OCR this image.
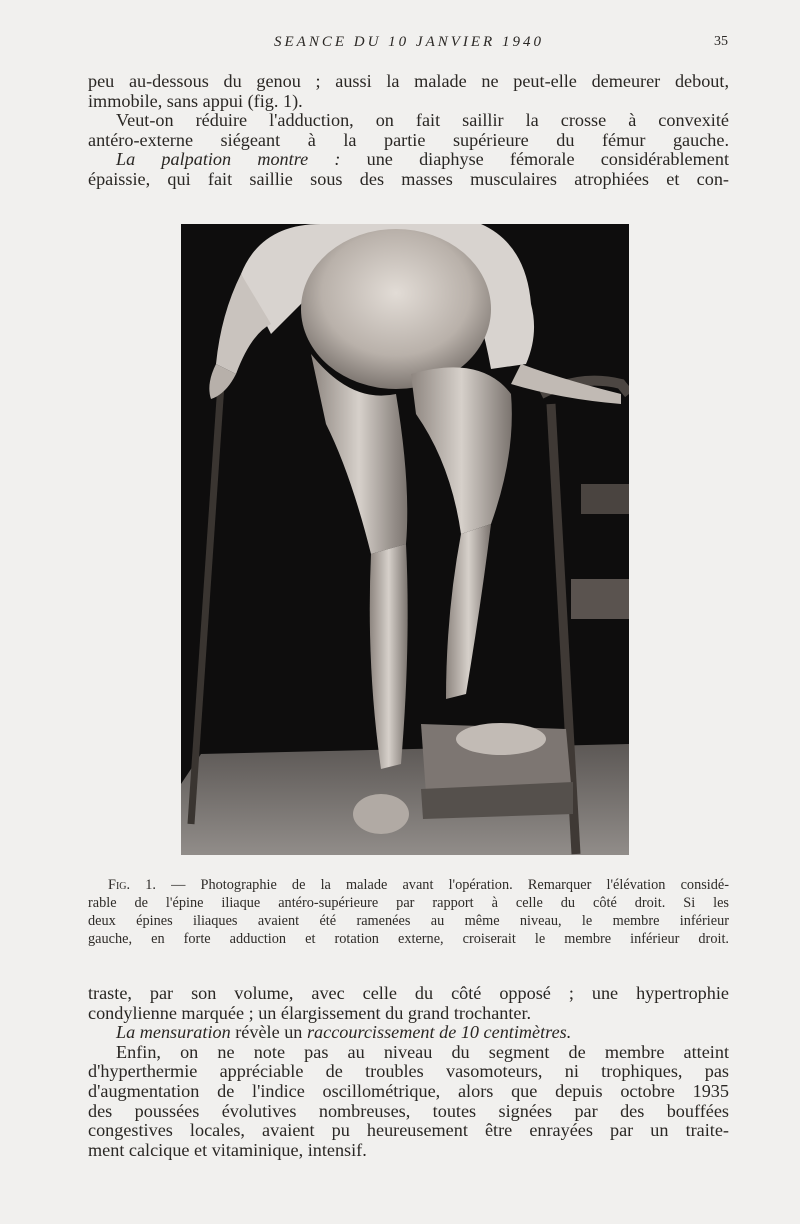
SEANCE DU 10 JANVIER 1940	35
peu au-dessous du genou ; aussi la malade ne peut-elle demeurer debout,
immobile, sans appui (fig. 1).
Veut-on réduire l'adduction, on fait saillir la crosse à convexité
antéro-externe siégeant à la partie supérieure du fémur gauche.
La palpation montre : une diaphyse fémorale considérablement
épaissie, qui fait saillie sous des masses musculaires atrophiées et con-
Fig. 1. — Photographie de la malade avant l'opération. Remarquer l'élévation considé-
rable de l'épine iliaque antéro-supérieure par rapport à celle du côté droit. Si les
deux épines iliaques avaient été ramenées au même niveau, le membre inférieur
gauche, en forte adduction et rotation externe, croiserait le membre inférieur droit.
traste, par son volume, avec celle du côté opposé ; une hypertrophie
condylienne marquée ; un élargissement du grand trochanter.
La mensuration révèle un raccourcissement de 10 centimètres.
Enfin, on ne note pas au niveau du segment de membre atteint
d'hyperthermie appréciable de troubles vasomoteurs, ni trophiques, pas
d'augmentation de l'indice oscillométrique, alors que depuis octobre 1935
des poussées évolutives nombreuses, toutes signées par des bouffées
congestives locales, avaient pu heureusement être enrayées par un traite-
ment calcique et vitaminique, intensif.
